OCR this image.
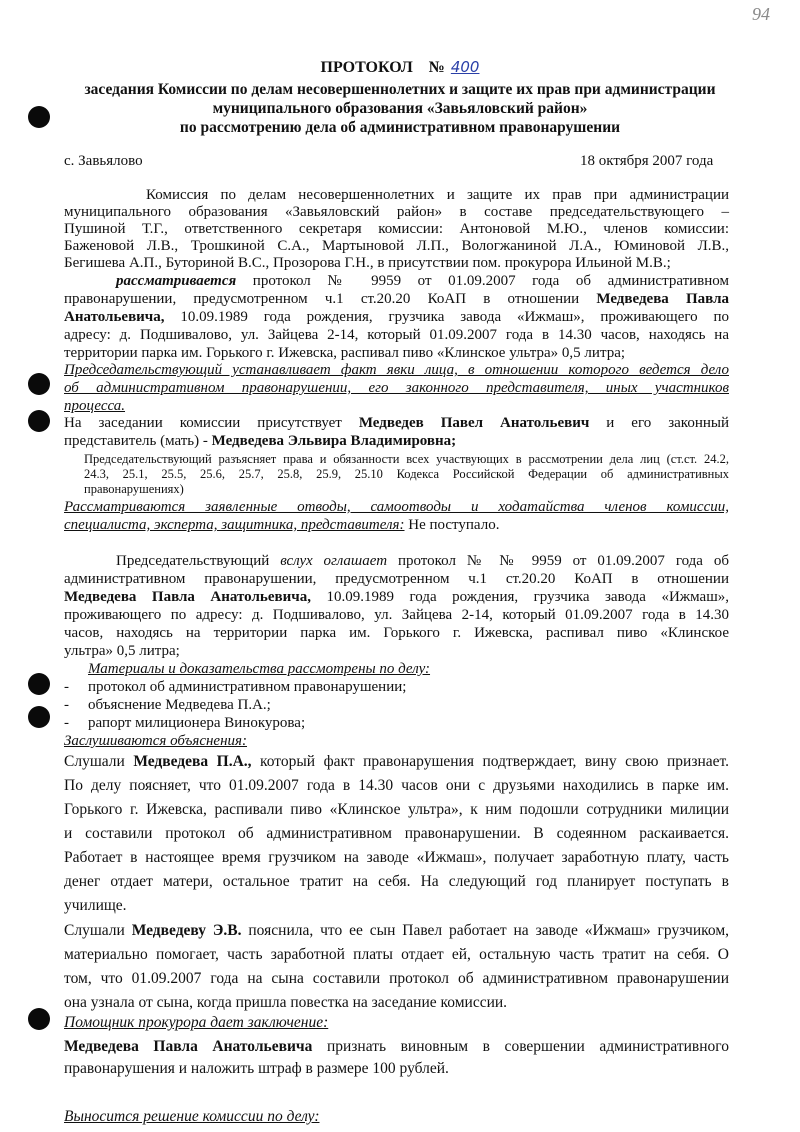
94
ПРОТОКОЛ № 400
заседания Комиссии по делам несовершеннолетних и защите их прав при администрации
муниципального образования «Завьяловский район»
по рассмотрению дела об административном правонарушении
с. Завьялово	18 октября 2007 года
Комиссия по делам несовершеннолетних и защите их прав при администрации
муниципального образования «Завьяловский район» в составе председательствующего –
Пушиной Т.Г., ответственного секретаря комиссии: Антоновой М.Ю., членов комиссии:
Баженовой Л.В., Трошкиной С.А., Мартыновой Л.П., Вологжаниной Л.А., Юминовой Л.В.,
Бегишева А.П., Буториной В.С., Прозорова Г.Н., в присутствии пом. прокурора Ильиной М.В.;
рассматривается протокол № 9959 от 01.09.2007 года об административном
правонарушении, предусмотренном ч.1 ст.20.20 КоАП в отношении Медведева Павла
Анатольевича, 10.09.1989 года рождения, грузчика завода «Ижмаш», проживающего по
адресу: д. Подшивалово, ул. Зайцева 2-14, который 01.09.2007 года в 14.30 часов, находясь на
территории парка им. Горького г. Ижевска, распивал пиво «Клинское ультра» 0,5 литра;
Председательствующий устанавливает факт явки лица, в отношении которого ведется дело
об административном правонарушении, его законного представителя, иных участников
процесса.
На заседании комиссии присутствует Медведев Павел Анатольевич и его законный
представитель (мать) - Медведева Эльвира Владимировна;
Председательствующий разъясняет права и обязанности всех участвующих в рассмотрении дела лиц (ст.ст. 24.2,
24.3, 25.1, 25.5, 25.6, 25.7, 25.8, 25.9, 25.10 Кодекса Российской Федерации об административных
правонарушениях)
Рассматриваются заявленные отводы, самоотводы и ходатайства членов комиссии,
специалиста, эксперта, защитника, представителя: Не поступало.
Председательствующий вслух оглашает протокол № № 9959 от 01.09.2007 года об
административном правонарушении, предусмотренном ч.1 ст.20.20 КоАП в отношении
Медведева Павла Анатольевича, 10.09.1989 года рождения, грузчика завода «Ижмаш»,
проживающего по адресу: д. Подшивалово, ул. Зайцева 2-14, который 01.09.2007 года в 14.30
часов, находясь на территории парка им. Горького г. Ижевска, распивал пиво «Клинское
ультра» 0,5 литра;
Материалы и доказательства рассмотрены по делу:
- протокол об административном правонарушении;
- объяснение Медведева П.А.;
- рапорт милиционера Винокурова;
Заслушиваются объяснения:
Слушали Медведева П.А., который факт правонарушения подтверждает, вину свою признает.
По делу поясняет, что 01.09.2007 года в 14.30 часов они с друзьями находились в парке им.
Горького г. Ижевска, распивали пиво «Клинское ультра», к ним подошли сотрудники милиции
и составили протокол об административном правонарушении. В содеянном раскаивается.
Работает в настоящее время грузчиком на заводе «Ижмаш», получает заработную плату, часть
денег отдает матери, остальное тратит на себя. На следующий год планирует поступать в
училище.
Слушали Медведеву Э.В. пояснила, что ее сын Павел работает на заводе «Ижмаш» грузчиком,
материально помогает, часть заработной платы отдает ей, остальную часть тратит на себя. О
том, что 01.09.2007 года на сына составили протокол об административном правонарушении
она узнала от сына, когда пришла повестка на заседание комиссии.
Помощник прокурора дает заключение:
Медведева Павла Анатольевича признать виновным в совершении административного
правонарушения и наложить штраф в размере 100 рублей.
Выносится решение комиссии по делу:
